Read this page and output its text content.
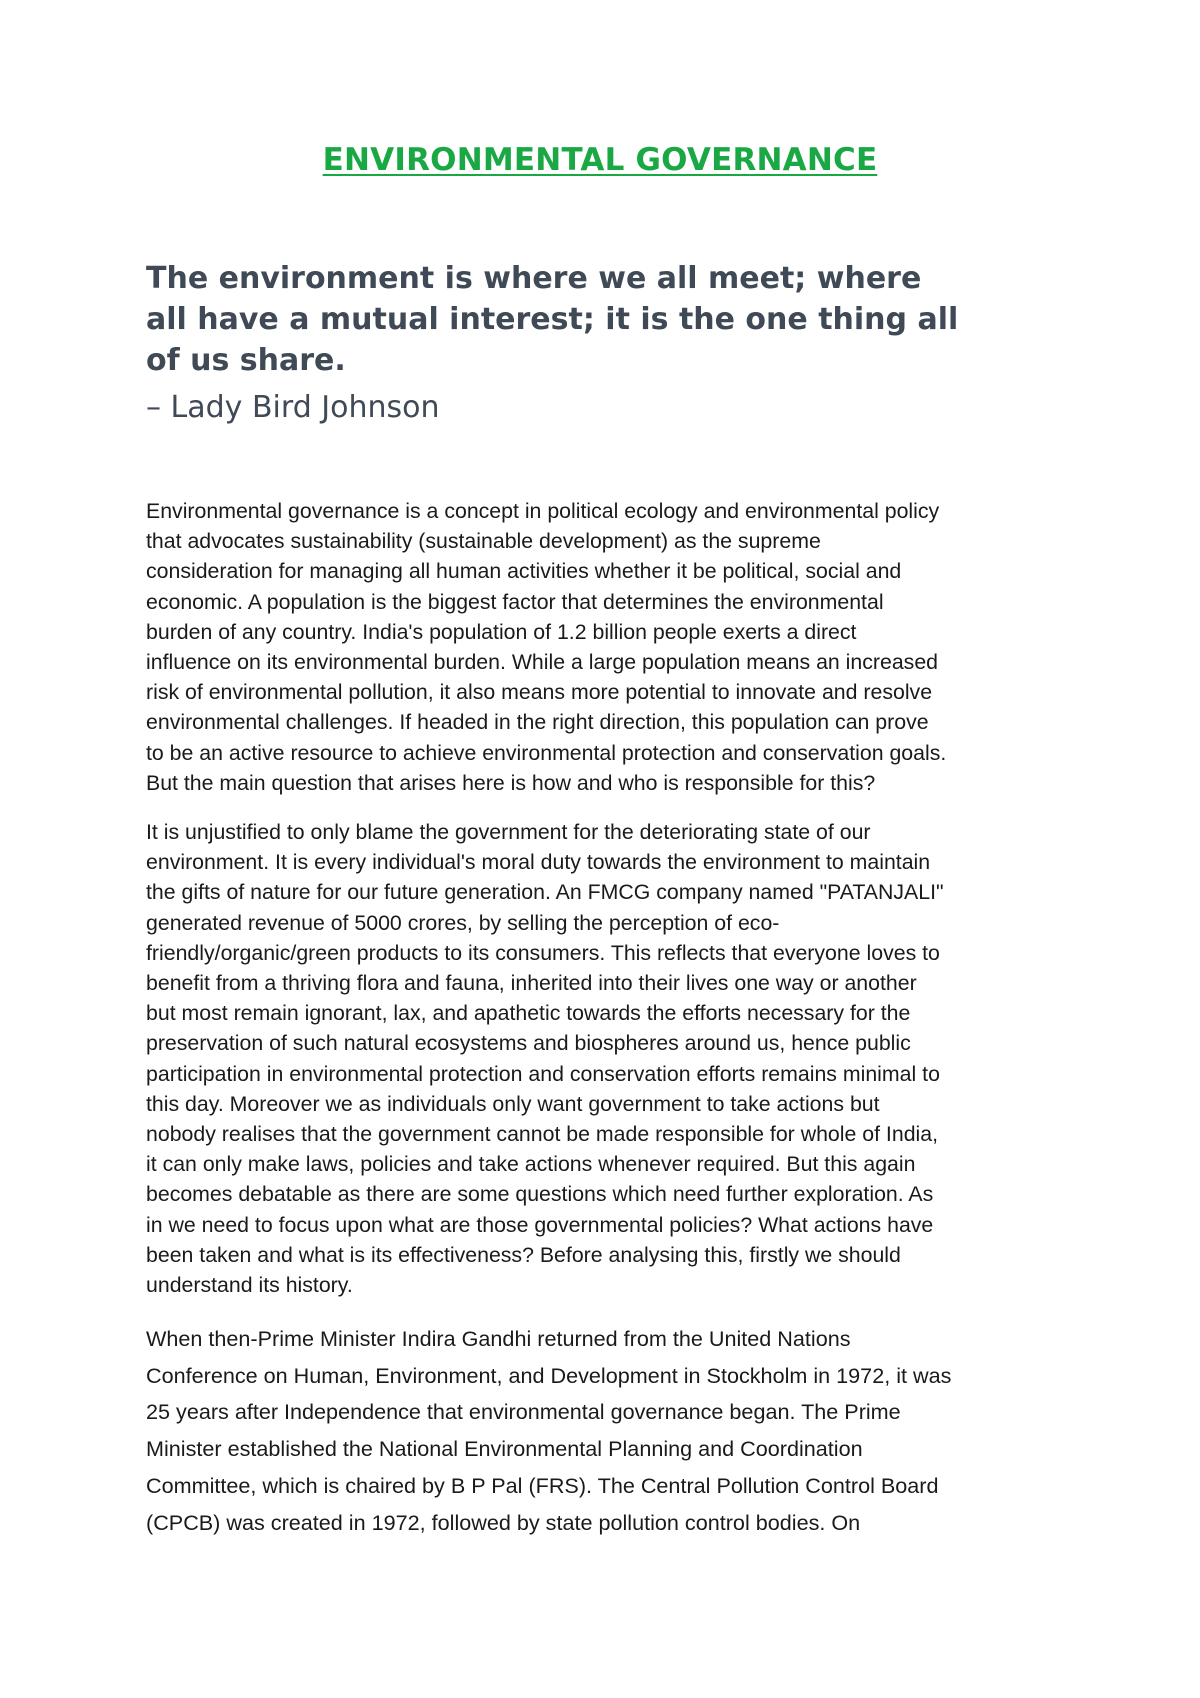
ENVIRONMENTAL GOVERNANCE

The environment is where we all meet; where
all have a mutual interest; it is the one thing all
of us share.

– Lady Bird Johnson

Environmental governance is a concept in political ecology and environmental policy
that advocates sustainability (sustainable development) as the supreme
consideration for managing all human activities whether it be political, social and
economic. A population is the biggest factor that determines the environmental
burden of any country. India's population of 1.2 billion people exerts a direct
influence on its environmental burden. While a large population means an increased
risk of environmental pollution, it also means more potential to innovate and resolve
environmental challenges. If headed in the right direction, this population can prove
to be an active resource to achieve environmental protection and conservation goals.
But the main question that arises here is how and who is responsible for this?

It is unjustified to only blame the government for the deteriorating state of our
environment. It is every individual's moral duty towards the environment to maintain
the gifts of nature for our future generation. An FMCG company named "PATANJALI"
generated revenue of 5000 crores, by selling the perception of eco-
friendly/organic/green products to its consumers. This reflects that everyone loves to
benefit from a thriving flora and fauna, inherited into their lives one way or another
but most remain ignorant, lax, and apathetic towards the efforts necessary for the
preservation of such natural ecosystems and biospheres around us, hence public
participation in environmental protection and conservation efforts remains minimal to
this day. Moreover we as individuals only want government to take actions but
nobody realises that the government cannot be made responsible for whole of India,
it can only make laws, policies and take actions whenever required. But this again
becomes debatable as there are some questions which need further exploration. As
in we need to focus upon what are those governmental policies? What actions have
been taken and what is its effectiveness? Before analysing this, firstly we should
understand its history.

When then-Prime Minister Indira Gandhi returned from the United Nations
Conference on Human, Environment, and Development in Stockholm in 1972, it was
25 years after Independence that environmental governance began. The Prime
Minister established the National Environmental Planning and Coordination
Committee, which is chaired by B P Pal (FRS). The Central Pollution Control Board
(CPCB) was created in 1972, followed by state pollution control bodies. On
